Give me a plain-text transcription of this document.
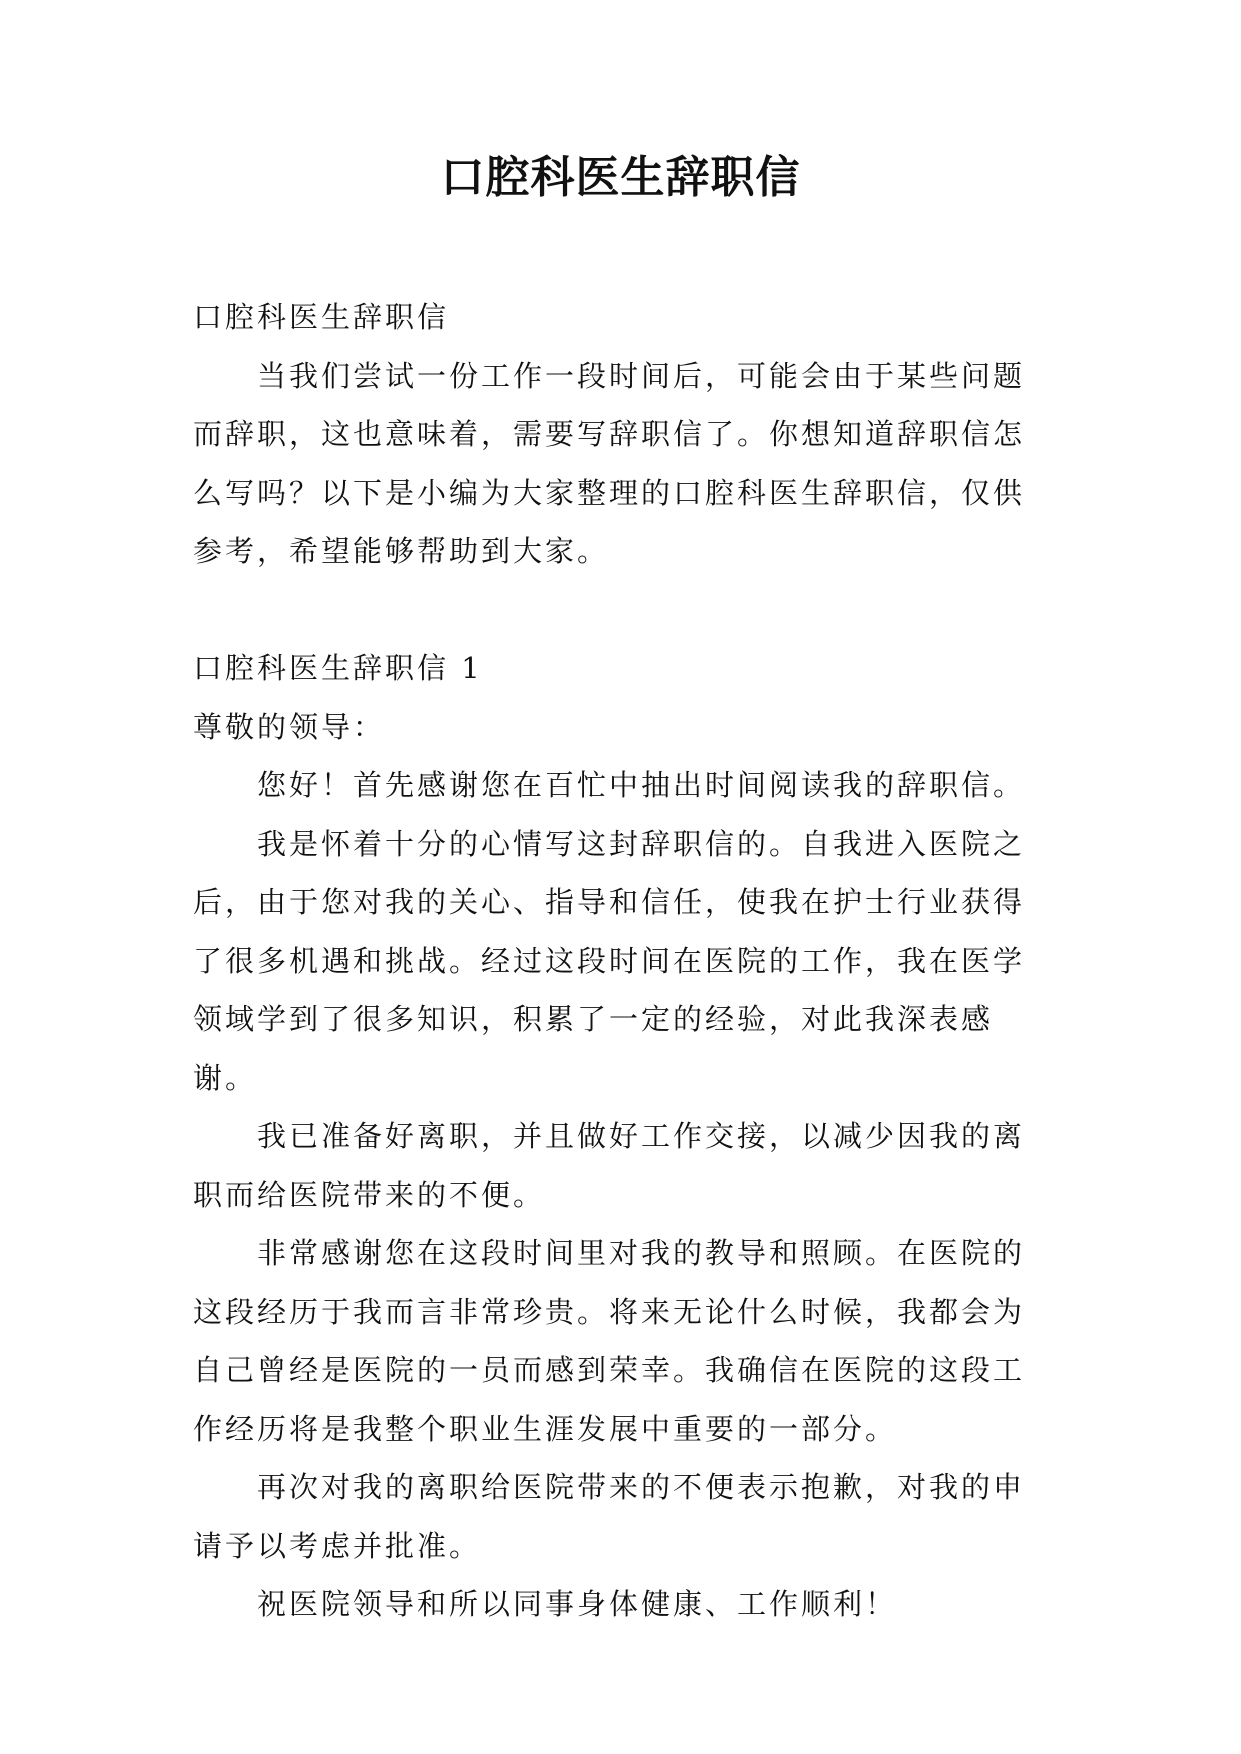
口腔科医生辞职信

口腔科医生辞职信

当我们尝试一份工作一段时间后，可能会由于某些问题而辞职，这也意味着，需要写辞职信了。你想知道辞职信怎么写吗？以下是小编为大家整理的口腔科医生辞职信，仅供参考，希望能够帮助到大家。

口腔科医生辞职信 1

尊敬的领导：

您好！首先感谢您在百忙中抽出时间阅读我的辞职信。

我是怀着十分的心情写这封辞职信的。自我进入医院之后，由于您对我的关心、指导和信任，使我在护士行业获得了很多机遇和挑战。经过这段时间在医院的工作，我在医学领域学到了很多知识，积累了一定的经验，对此我深表感谢。

我已准备好离职，并且做好工作交接，以减少因我的离职而给医院带来的不便。

非常感谢您在这段时间里对我的教导和照顾。在医院的这段经历于我而言非常珍贵。将来无论什么时候，我都会为自己曾经是医院的一员而感到荣幸。我确信在医院的这段工作经历将是我整个职业生涯发展中重要的一部分。

再次对我的离职给医院带来的不便表示抱歉，对我的申请予以考虑并批准。

祝医院领导和所以同事身体健康、工作顺利！
